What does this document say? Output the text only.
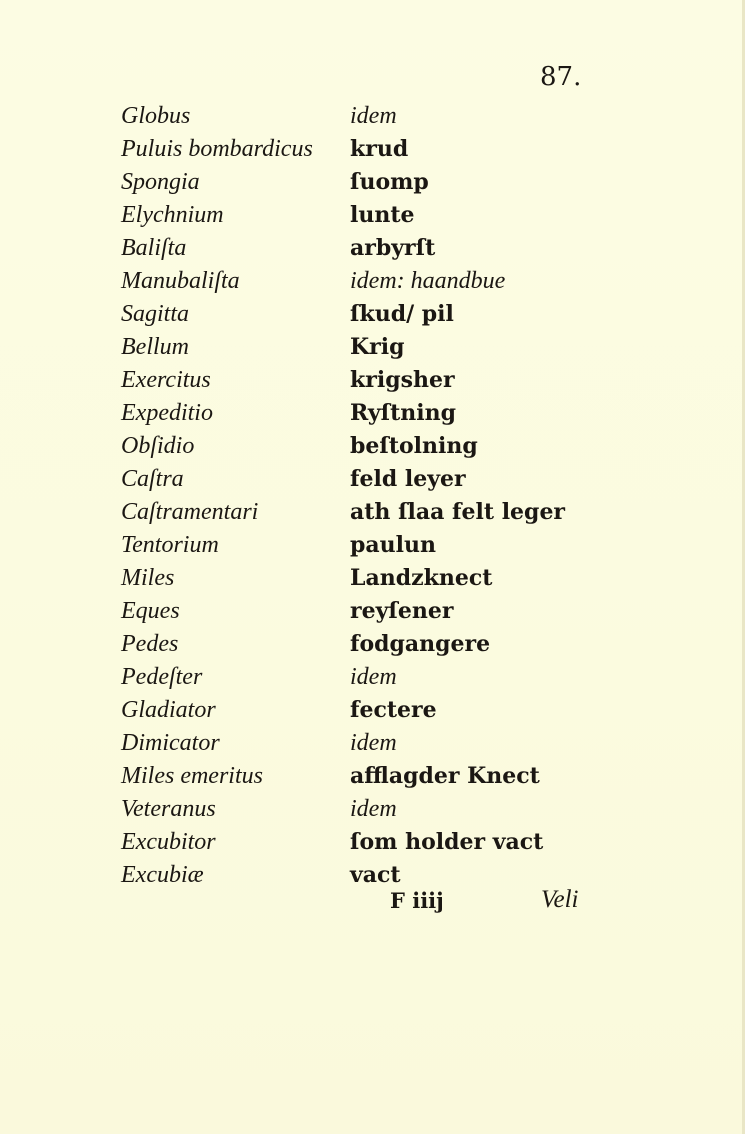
87.
Globus
Puluis bombardicus
Spongia
Elychnium
Baliſta
Manubaliſta
Sagitta
Bellum
Exercitus
Expeditio
Obſidio
Caſtra
Caſtramentari
Tentorium
Miles
Eques
Pedes
Pedeſter
Gladiator
Dimicator
Miles emeritus
Veteranus
Excubitor
Excubiæ
idem
krud
ſuomp
lunte
arbyrſt
idem: haandbue
ſkud/ pil
Krig
krigsher
Ryſtning
beſtolning
feld leyer
ath ſlaa felt leger
paulun
Landzknect
reyſener
fodgangere
idem
fectere
idem
afflagder Knect
idem
ſom holder vact
vact
F iiij	Veli
